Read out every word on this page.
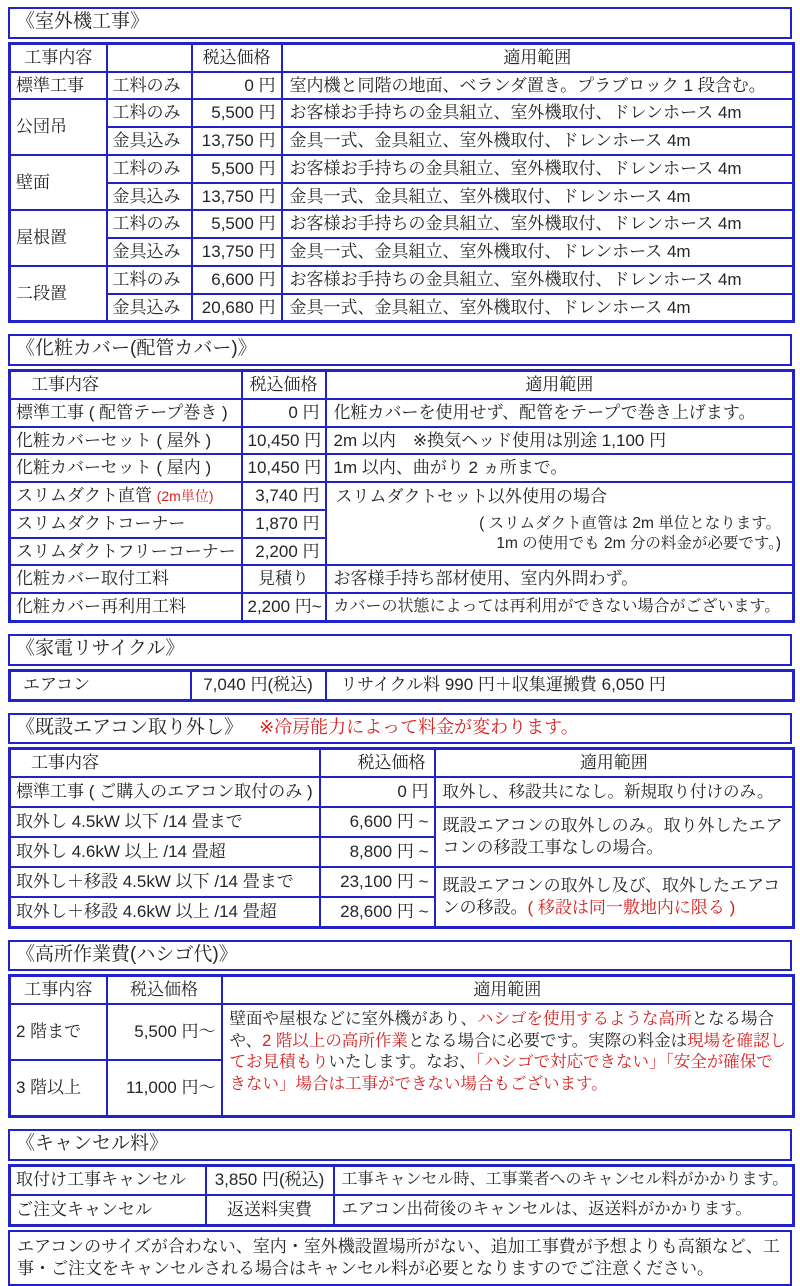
《室外機工事》
工事内容		税込価格	適用範囲
標準工事	工料のみ	0 円	室内機と同階の地面、ベランダ置き。プラブロック 1 段含む。
公団吊	工料のみ	5,500 円	お客様お手持ちの金具組立、室外機取付、ドレンホース 4m
	金具込み	13,750 円	金具一式、金具組立、室外機取付、ドレンホース 4m
壁面	工料のみ	5,500 円	お客様お手持ちの金具組立、室外機取付、ドレンホース 4m
	金具込み	13,750 円	金具一式、金具組立、室外機取付、ドレンホース 4m
屋根置	工料のみ	5,500 円	お客様お手持ちの金具組立、室外機取付、ドレンホース 4m
	金具込み	13,750 円	金具一式、金具組立、室外機取付、ドレンホース 4m
二段置	工料のみ	6,600 円	お客様お手持ちの金具組立、室外機取付、ドレンホース 4m
	金具込み	20,680 円	金具一式、金具組立、室外機取付、ドレンホース 4m
《化粧カバー(配管カバー)》
工事内容	税込価格	適用範囲
標準工事 ( 配管テープ巻き )	0 円	化粧カバーを使用せず、配管をテープで巻き上げます。
化粧カバーセット ( 屋外 )	10,450 円	2m 以内　※換気ヘッド使用は別途 1,100 円
化粧カバーセット ( 屋内 )	10,450 円	1m 以内、曲がり 2 ヵ所まで。
スリムダクト直管 (2m単位)	3,740 円	スリムダクトセット以外使用の場合
( スリムダクト直管は 2m 単位となります。
1m の使用でも 2m 分の料金が必要です。)

スリムダクトコーナー	1,870 円	
スリムダクトフリーコーナー	2,200 円	
化粧カバー取付工料	見積り	お客様手持ち部材使用、室内外問わず。
化粧カバー再利用工料	2,200 円~	カバーの状態によっては再利用ができない場合がございます。
《家電リサイクル》
エアコン	7,040 円(税込)	リサイクル料 990 円＋収集運搬費 6,050 円
《既設エアコン取り外し》 ※冷房能力によって料金が変わります。
工事内容	税込価格	適用範囲
標準工事 ( ご購入のエアコン取付のみ )	0 円	取外し、移設共になし。新規取り付けのみ。
取外し 4.5kW 以下 /14 畳まで	6,600 円 ~	既設エアコンの取外しのみ。取り外したエアコンの移設工事なしの場合。
取外し 4.6kW 以上 /14 畳超	8,800 円 ~	
取外し＋移設 4.5kW 以下 /14 畳まで	23,100 円 ~	既設エアコンの取外し及び、取外したエアコンの移設。( 移設は同一敷地内に限る )
取外し＋移設 4.6kW 以上 /14 畳超	28,600 円 ~	
《高所作業費(ハシゴ代)》
工事内容	税込価格	適用範囲
2 階まで	5,500 円～	壁面や屋根などに室外機があり、ハシゴを使用するような高所となる場合や、2 階以上の高所作業となる場合に必要です。実際の料金は現場を確認してお見積もりいたします。なお、「ハシゴで対応できない」「安全が確保できない」場合は工事ができない場合もございます。
3 階以上	11,000 円～	
《キャンセル料》
取付け工事キャンセル	3,850 円(税込)	工事キャンセル時、工事業者へのキャンセル料がかかります。
ご注文キャンセル	返送料実費	エアコン出荷後のキャンセルは、返送料がかかります。
エアコンのサイズが合わない、室内・室外機設置場所がない、追加工事費が予想よりも高額など、工事・ご注文をキャンセルされる場合はキャンセル料が必要となりますのでご注意ください。
